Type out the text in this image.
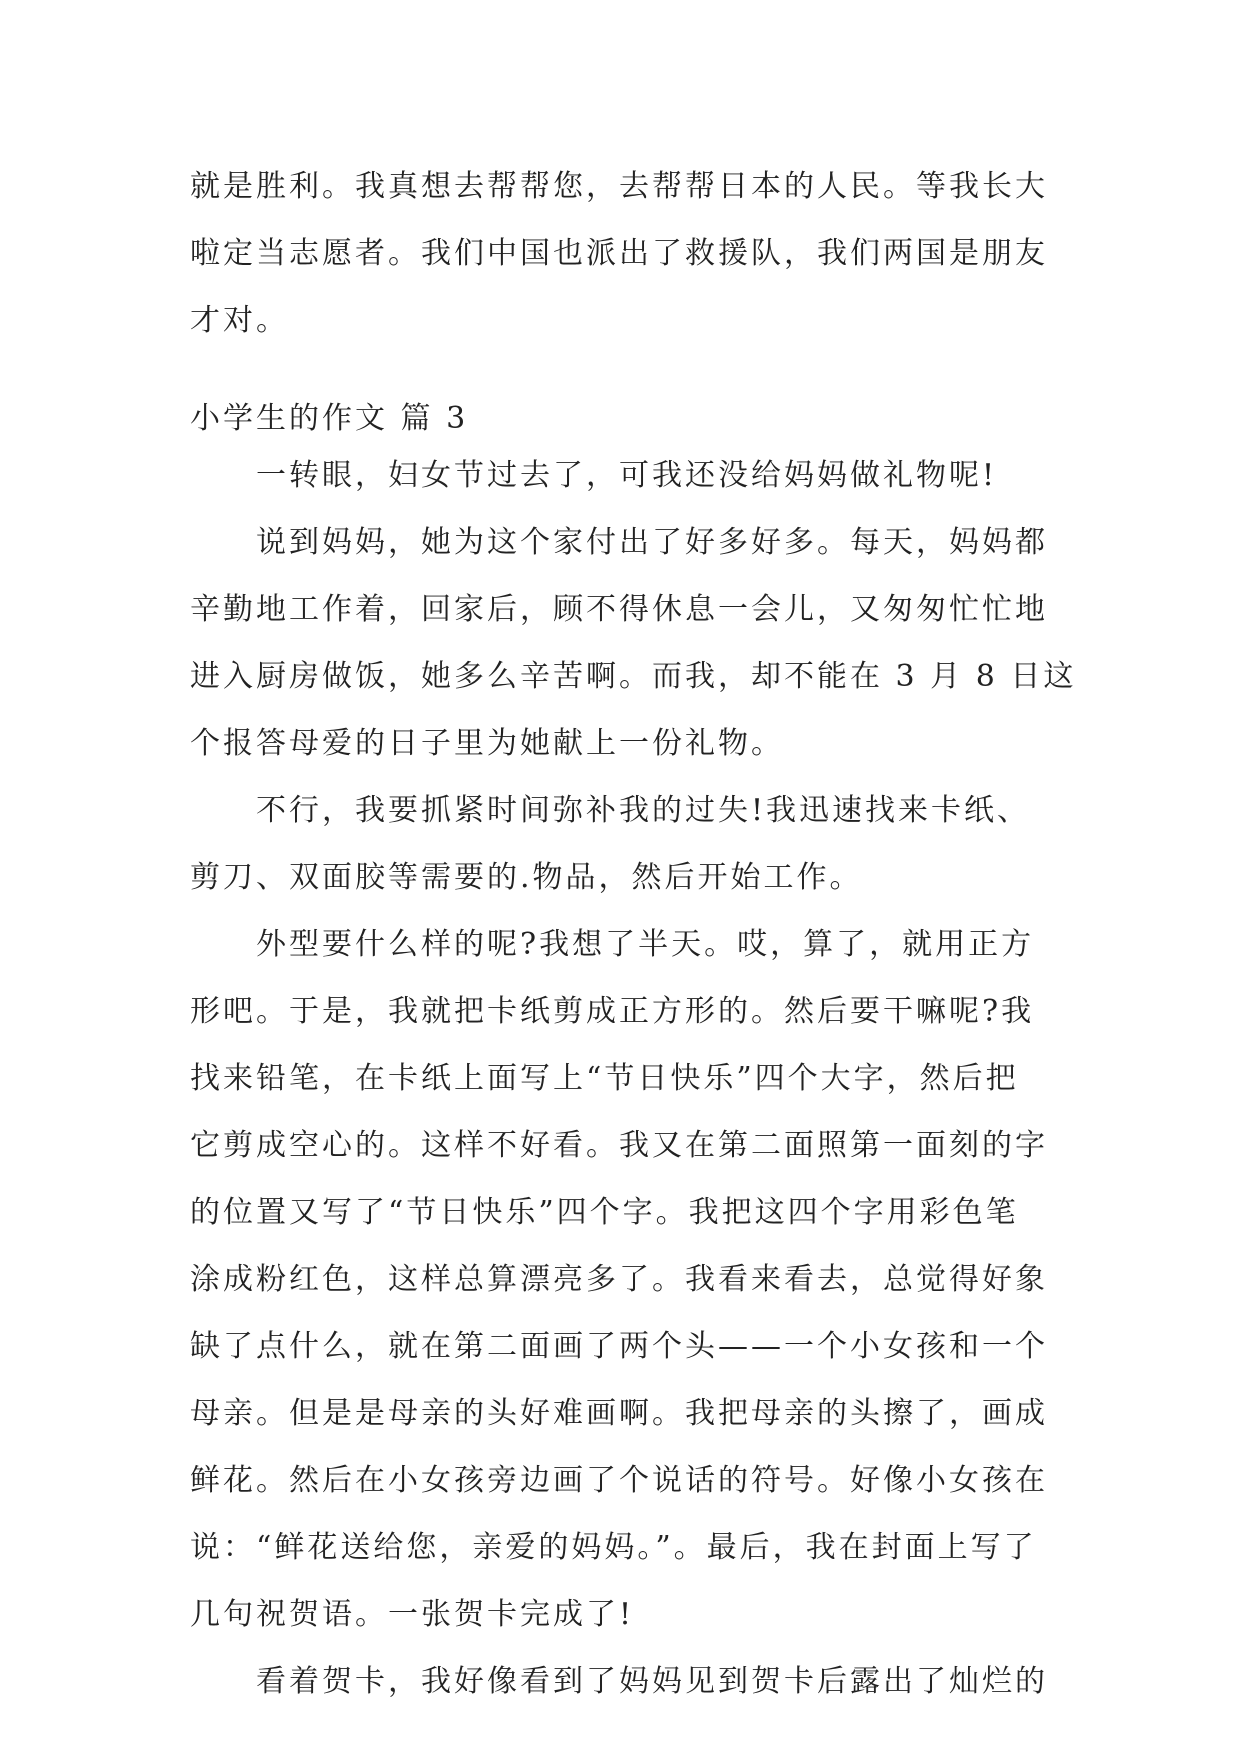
就是胜利。我真想去帮帮您，去帮帮日本的人民。等我长大
啦定当志愿者。我们中国也派出了救援队，我们两国是朋友
才对。
小学生的作文 篇 3
一转眼，妇女节过去了，可我还没给妈妈做礼物呢!
说到妈妈，她为这个家付出了好多好多。每天，妈妈都
辛勤地工作着，回家后，顾不得休息一会儿，又匆匆忙忙地
进入厨房做饭，她多么辛苦啊。而我，却不能在 3 月 8 日这
个报答母爱的日子里为她献上一份礼物。
不行，我要抓紧时间弥补我的过失!我迅速找来卡纸、
剪刀、双面胶等需要的.物品，然后开始工作。
外型要什么样的呢?我想了半天。哎，算了，就用正方
形吧。于是，我就把卡纸剪成正方形的。然后要干嘛呢?我
找来铅笔，在卡纸上面写上“节日快乐”四个大字，然后把
它剪成空心的。这样不好看。我又在第二面照第一面刻的字
的位置又写了“节日快乐”四个字。我把这四个字用彩色笔
涂成粉红色，这样总算漂亮多了。我看来看去，总觉得好象
缺了点什么，就在第二面画了两个头——一个小女孩和一个
母亲。但是是母亲的头好难画啊。我把母亲的头擦了，画成
鲜花。然后在小女孩旁边画了个说话的符号。好像小女孩在
说：“鲜花送给您，亲爱的妈妈。”。最后，我在封面上写了
几句祝贺语。一张贺卡完成了!
看着贺卡，我好像看到了妈妈见到贺卡后露出了灿烂的
